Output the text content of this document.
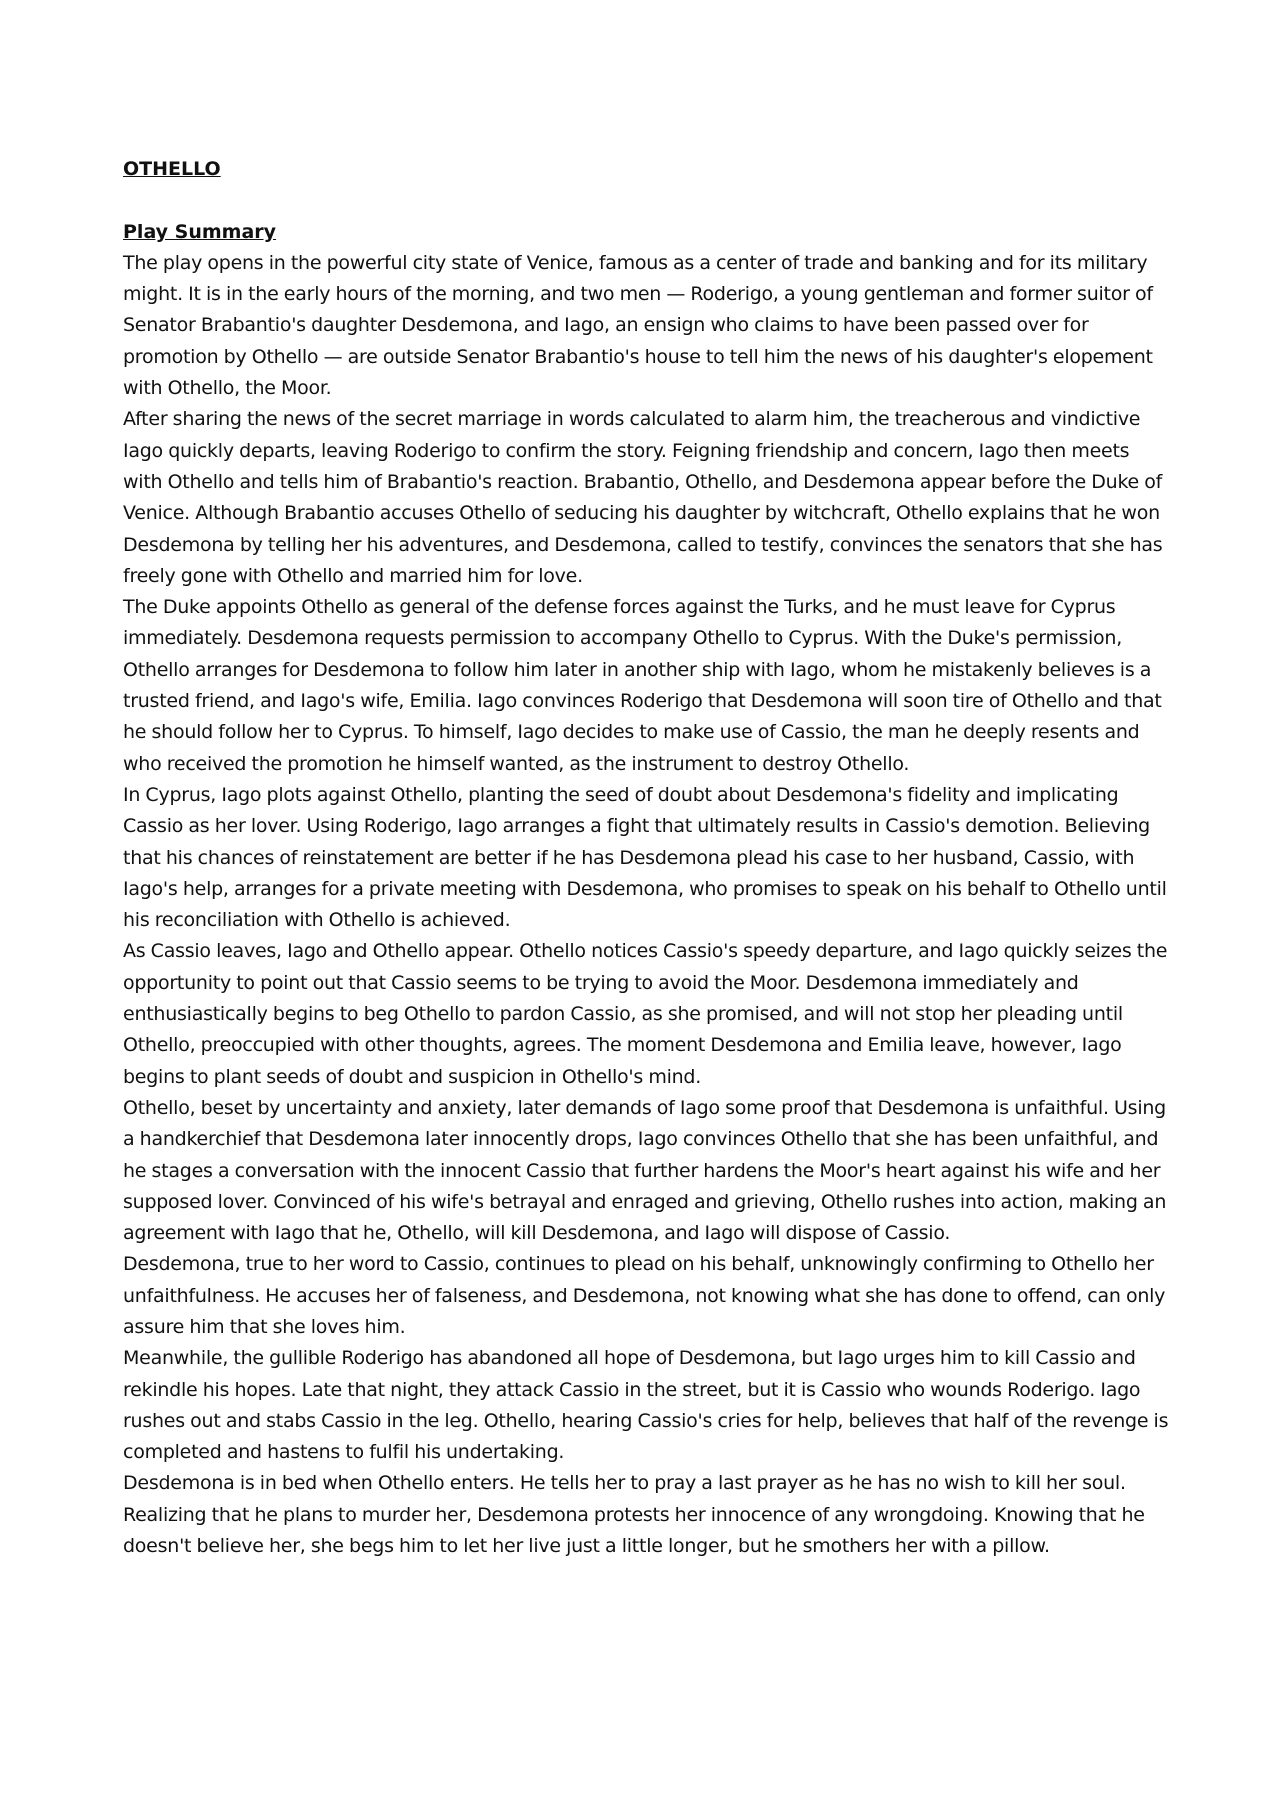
OTHELLO
Play Summary

The play opens in the powerful city state of Venice, famous as a center of trade and banking and for its military might. It is in the early hours of the morning, and two men — Roderigo, a young gentleman and former suitor of Senator Brabantio's daughter Desdemona, and Iago, an ensign who claims to have been passed over for promotion by Othello — are outside Senator Brabantio's house to tell him the news of his daughter's elopement with Othello, the Moor.

After sharing the news of the secret marriage in words calculated to alarm him, the treacherous and vindictive Iago quickly departs, leaving Roderigo to confirm the story. Feigning friendship and concern, Iago then meets with Othello and tells him of Brabantio's reaction. Brabantio, Othello, and Desdemona appear before the Duke of Venice. Although Brabantio accuses Othello of seducing his daughter by witchcraft, Othello explains that he won Desdemona by telling her his adventures, and Desdemona, called to testify, convinces the senators that she has freely gone with Othello and married him for love.

The Duke appoints Othello as general of the defense forces against the Turks, and he must leave for Cyprus immediately. Desdemona requests permission to accompany Othello to Cyprus. With the Duke's permission, Othello arranges for Desdemona to follow him later in another ship with Iago, whom he mistakenly believes is a trusted friend, and Iago's wife, Emilia. Iago convinces Roderigo that Desdemona will soon tire of Othello and that he should follow her to Cyprus. To himself, Iago decides to make use of Cassio, the man he deeply resents and who received the promotion he himself wanted, as the instrument to destroy Othello.

In Cyprus, Iago plots against Othello, planting the seed of doubt about Desdemona's fidelity and implicating Cassio as her lover. Using Roderigo, Iago arranges a fight that ultimately results in Cassio's demotion. Believing that his chances of reinstatement are better if he has Desdemona plead his case to her husband, Cassio, with Iago's help, arranges for a private meeting with Desdemona, who promises to speak on his behalf to Othello until his reconciliation with Othello is achieved.

As Cassio leaves, Iago and Othello appear. Othello notices Cassio's speedy departure, and Iago quickly seizes the opportunity to point out that Cassio seems to be trying to avoid the Moor. Desdemona immediately and enthusiastically begins to beg Othello to pardon Cassio, as she promised, and will not stop her pleading until Othello, preoccupied with other thoughts, agrees. The moment Desdemona and Emilia leave, however, Iago begins to plant seeds of doubt and suspicion in Othello's mind.

Othello, beset by uncertainty and anxiety, later demands of Iago some proof that Desdemona is unfaithful. Using a handkerchief that Desdemona later innocently drops, Iago convinces Othello that she has been unfaithful, and he stages a conversation with the innocent Cassio that further hardens the Moor's heart against his wife and her supposed lover. Convinced of his wife's betrayal and enraged and grieving, Othello rushes into action, making an agreement with Iago that he, Othello, will kill Desdemona, and Iago will dispose of Cassio.

Desdemona, true to her word to Cassio, continues to plead on his behalf, unknowingly confirming to Othello her unfaithfulness. He accuses her of falseness, and Desdemona, not knowing what she has done to offend, can only assure him that she loves him.

Meanwhile, the gullible Roderigo has abandoned all hope of Desdemona, but Iago urges him to kill Cassio and rekindle his hopes. Late that night, they attack Cassio in the street, but it is Cassio who wounds Roderigo. Iago rushes out and stabs Cassio in the leg. Othello, hearing Cassio's cries for help, believes that half of the revenge is completed and hastens to fulfil his undertaking.

Desdemona is in bed when Othello enters. He tells her to pray a last prayer as he has no wish to kill her soul. Realizing that he plans to murder her, Desdemona protests her innocence of any wrongdoing. Knowing that he doesn't believe her, she begs him to let her live just a little longer, but he smothers her with a pillow.
